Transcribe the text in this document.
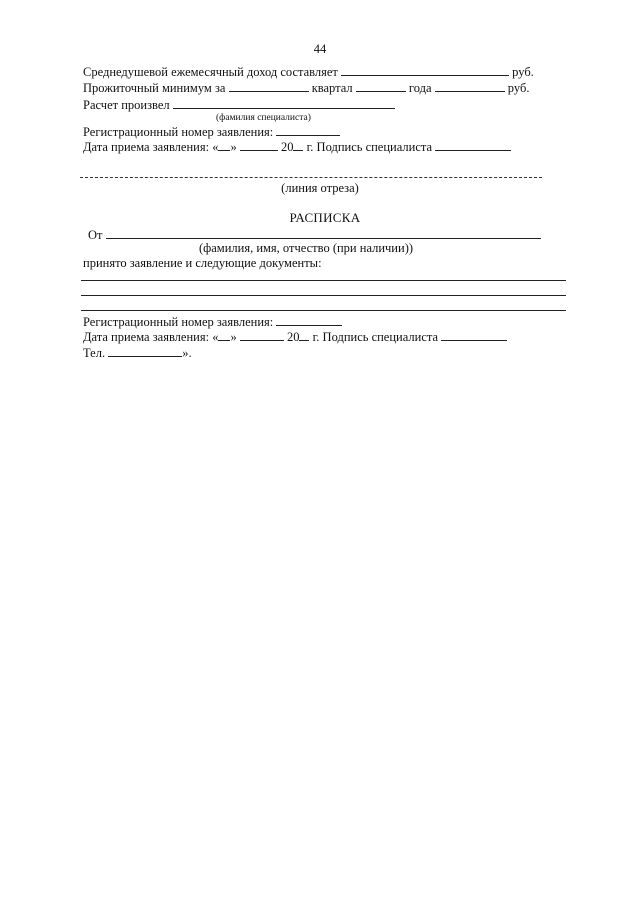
44
Среднедушевой ежемесячный доход составляет	руб.
Прожиточный минимум за	квартал	года	руб.
Расчет произвел
(фамилия специалиста)
Регистрационный номер заявления:
Дата приема заявления: « »	20 г. Подпись специалиста
(линия отреза)
РАСПИСКА
От
(фамилия, имя, отчество (при наличии))
принято заявление и следующие документы:
Регистрационный номер заявления:
Дата приема заявления: « »	20 г. Подпись специалиста
Тел.	».
